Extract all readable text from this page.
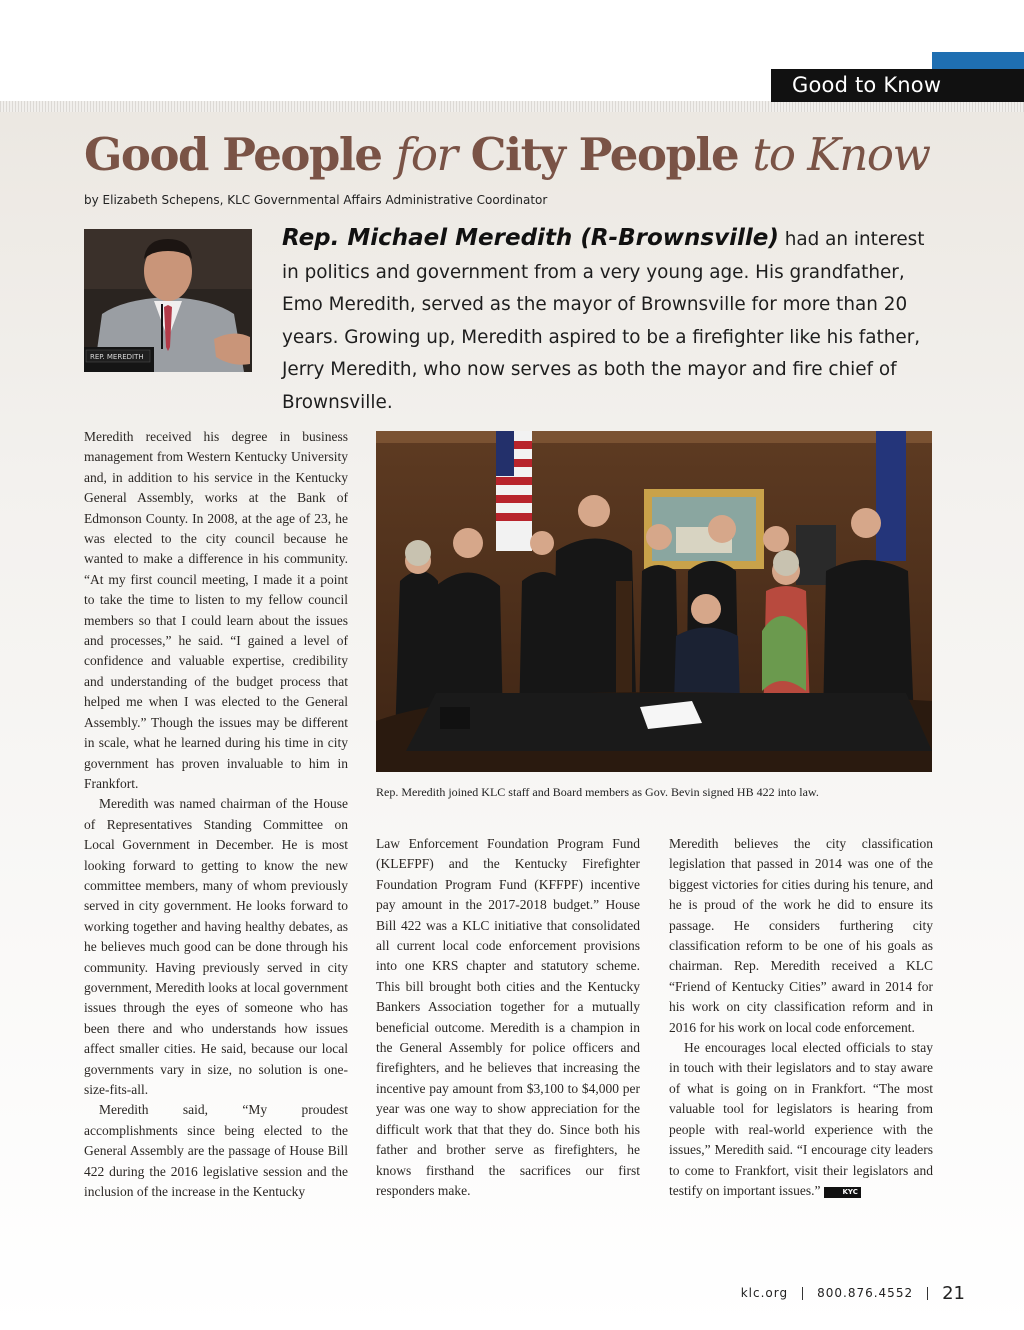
Good to Know
Good People for City People to Know
by Elizabeth Schepens, KLC Governmental Affairs Administrative Coordinator
REP. MEREDITH
Rep. Michael Meredith (R-Brownsville) had an interest in politics and government from a very young age. His grandfather, Emo Meredith, served as the mayor of Brownsville for more than 20 years. Growing up, Meredith aspired to be a firefighter like his father, Jerry Meredith, who now serves as both the mayor and fire chief of Brownsville.

Meredith received his degree in business management from Western Kentucky University and, in addition to his service in the Kentucky General Assembly, works at the Bank of Edmonson County. In 2008, at the age of 23, he was elected to the city council because he wanted to make a difference in his community. “At my first council meeting, I made it a point to take the time to listen to my fellow council members so that I could learn about the issues and processes,” he said. “I gained a level of confidence and valuable expertise, credibility and understanding of the budget process that helped me when I was elected to the General Assembly.” Though the issues may be different in scale, what he learned during his time in city government has proven invaluable to him in Frankfort.

Meredith was named chairman of the House of Representatives Standing Committee on Local Government in December. He is most looking forward to getting to know the new committee members, many of whom previously served in city government. He looks forward to working together and having healthy debates, as he believes much good can be done through his community. Having previously served in city government, Meredith looks at local government issues through the eyes of someone who has been there and who understands how issues affect smaller cities. He said, because our local governments vary in size, no solution is one-size-fits-all.

Meredith said, “My proudest accomplishments since being elected to the General Assembly are the passage of House Bill 422 during the 2016 legislative session and the inclusion of the increase in the Kentucky

Rep. Meredith joined KLC staff and Board members as Gov. Bevin signed HB 422 into law.

Law Enforcement Foundation Program Fund (KLEFPF) and the Kentucky Firefighter Foundation Program Fund (KFFPF) incentive pay amount in the 2017-2018 budget.” House Bill 422 was a KLC initiative that consolidated all current local code enforcement provisions into one KRS chapter and statutory scheme. This bill brought both cities and the Kentucky Bankers Association together for a mutually beneficial outcome. Meredith is a champion in the General Assembly for police officers and firefighters, and he believes that increasing the incentive pay amount from $3,100 to $4,000 per year was one way to show appreciation for the difficult work that that they do. Since both his father and brother serve as firefighters, he knows firsthand the sacrifices our first responders make.

Meredith believes the city classification legislation that passed in 2014 was one of the biggest victories for cities during his tenure, and he is proud of the work he did to ensure its passage. He considers furthering city classification reform to be one of his goals as chairman. Rep. Meredith received a KLC “Friend of Kentucky Cities” award in 2014 for his work on city classification reform and in 2016 for his work on local code enforcement.

He encourages local elected officials to stay in touch with their legislators and to stay aware of what is going on in Frankfort. “The most valuable tool for legislators is hearing from people with real-world experience with the issues,” Meredith said. “I encourage city leaders to come to Frankfort, visit their legislators and testify on important issues.”	KYC

klc.org 800.876.4552 21
